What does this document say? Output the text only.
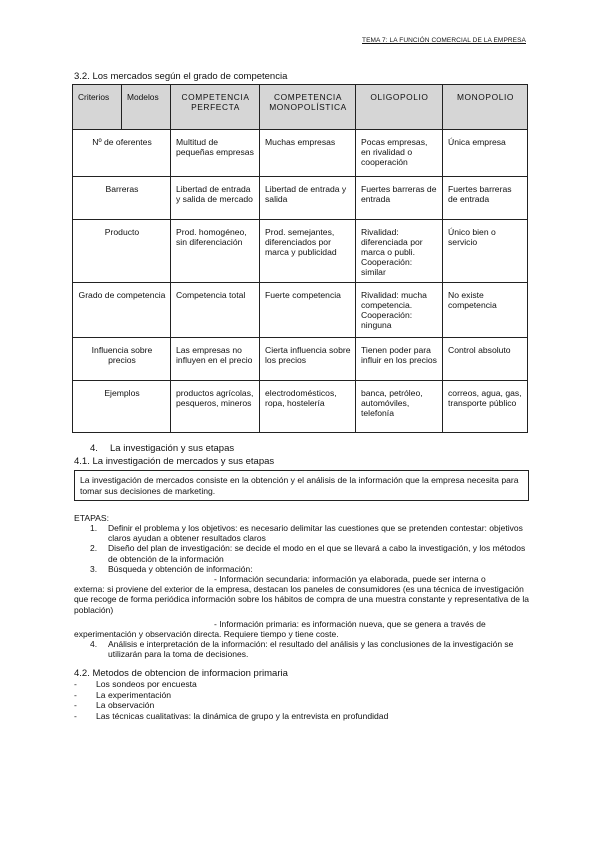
TEMA 7: LA FUNCIÓN COMERCIAL DE LA EMPRESA
3.2. Los mercados según el grado de competencia
Criterios	Modelos	COMPETENCIA PERFECTA	COMPETENCIA MONOPOLÍSTICA	OLIGOPOLIO	MONOPOLIO
Nº de oferentes		Multitud de pequeñas empresas	Muchas empresas	Pocas empresas, en rivalidad o cooperación	Única empresa
Barreras		Libertad de entrada y salida de mercado	Libertad de entrada y salida	Fuertes barreras de entrada	Fuertes barreras de entrada
Producto		Prod. homogéneo, sin diferenciación	Prod. semejantes, diferenciados por marca y publicidad	Rivalidad: diferenciada por marca o publi. Cooperación: similar	Único bien o servicio
Grado de competencia		Competencia total	Fuerte competencia	Rivalidad: mucha competencia. Cooperación: ninguna	No existe competencia
Influencia sobre precios		Las empresas no influyen en el precio	Cierta influencia sobre los precios	Tienen poder para influir en los precios	Control absoluto
Ejemplos		productos agrícolas, pesqueros, mineros	electrodomésticos, ropa, hostelería	banca, petróleo, automóviles, telefonía	correos, agua, gas, transporte público
4. La investigación y sus etapas
4.1. La investigación de mercados y sus etapas
La investigación de mercados consiste en la obtención y el análisis de la información que la empresa necesita para tomar sus decisiones de marketing.
ETAPAS:
1. Definir el problema y los objetivos: es necesario delimitar las cuestiones que se pretenden contestar: objetivos claros ayudan a obtener resultados claros
2. Diseño del plan de investigación: se decide el modo en el que se llevará a cabo la investigación, y los métodos de obtención de la información
3. Búsqueda y obtención de información:
- Información secundaria: información ya elaborada, puede ser interna o
externa: si proviene del exterior de la empresa, destacan los paneles de consumidores (es una técnica de investigación que recoge de forma periódica información sobre los hábitos de compra de una muestra constante y representativa de la población)
- Información primaria: es información nueva, que se genera a través de
experimentación y observación directa. Requiere tiempo y tiene coste.
4. Análisis e interpretación de la información: el resultado del análisis y las conclusiones de la investigación se utilizarán para la toma de decisiones.
4.2. Metodos de obtencion de informacion primaria
- Los sondeos por encuesta
- La experimentación
- La observación
- Las técnicas cualitativas: la dinámica de grupo y la entrevista en profundidad
